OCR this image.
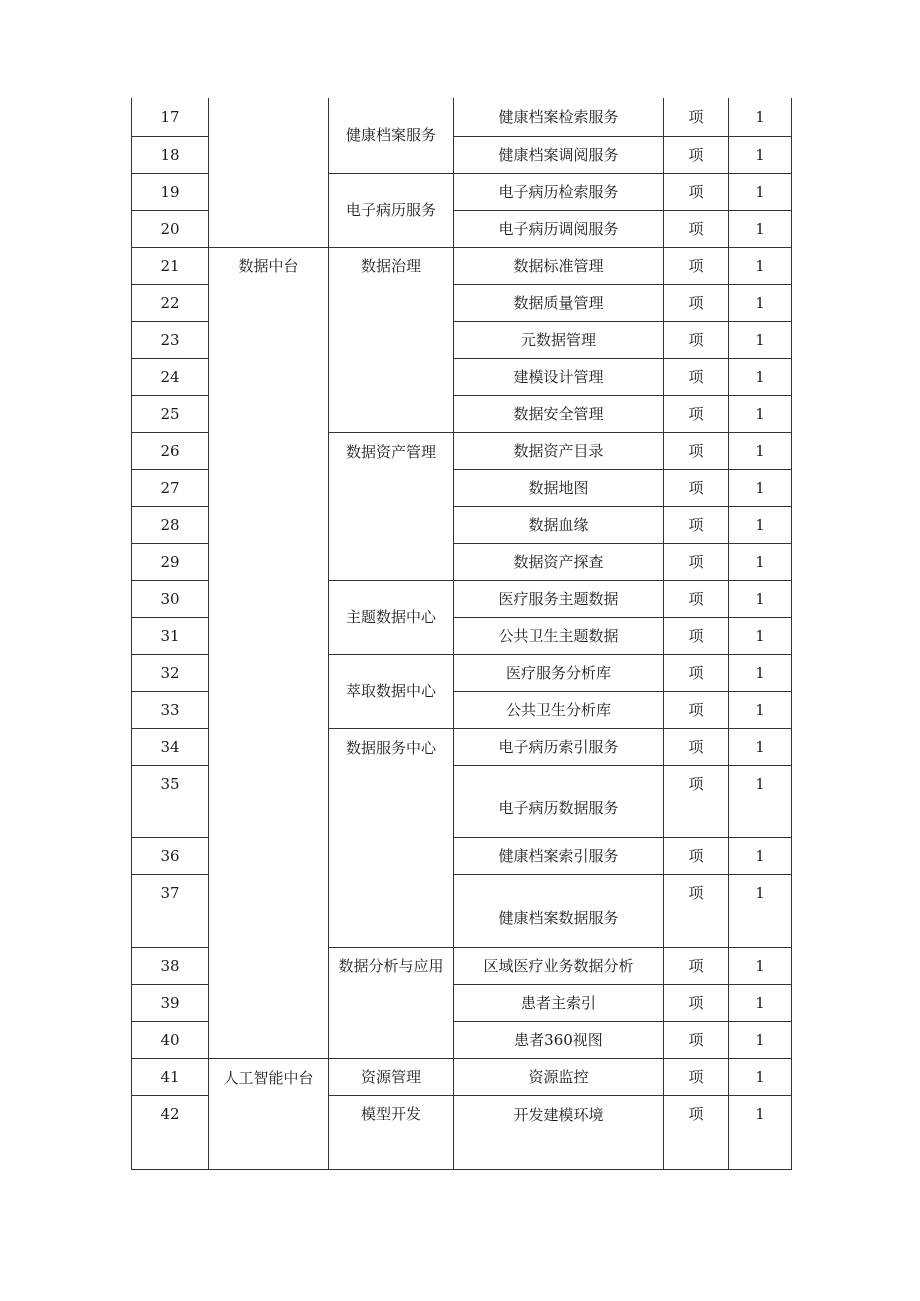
17		健康档案服务	健康档案检索服务	项	1
18			健康档案调阅服务	项	1
19		电子病历服务	电子病历检索服务	项	1
20			电子病历调阅服务	项	1
21	数据中台	数据治理	数据标准管理	项	1
22			数据质量管理	项	1
23			元数据管理	项	1
24			建模设计管理	项	1
25			数据安全管理	项	1
26		数据资产管理	数据资产目录	项	1
27			数据地图	项	1
28			数据血缘	项	1
29			数据资产探查	项	1
30		主题数据中心	医疗服务主题数据	项	1
31			公共卫生主题数据	项	1
32		萃取数据中心	医疗服务分析库	项	1
33			公共卫生分析库	项	1
34		数据服务中心	电子病历索引服务	项	1
35			电子病历数据服务	项	1
36			健康档案索引服务	项	1
37			健康档案数据服务	项	1
38		数据分析与应用	区域医疗业务数据分析	项	1
39			患者主索引	项	1
40			患者360视图	项	1
41	人工智能中台	资源管理	资源监控	项	1
42		模型开发	开发建模环境	项	1
